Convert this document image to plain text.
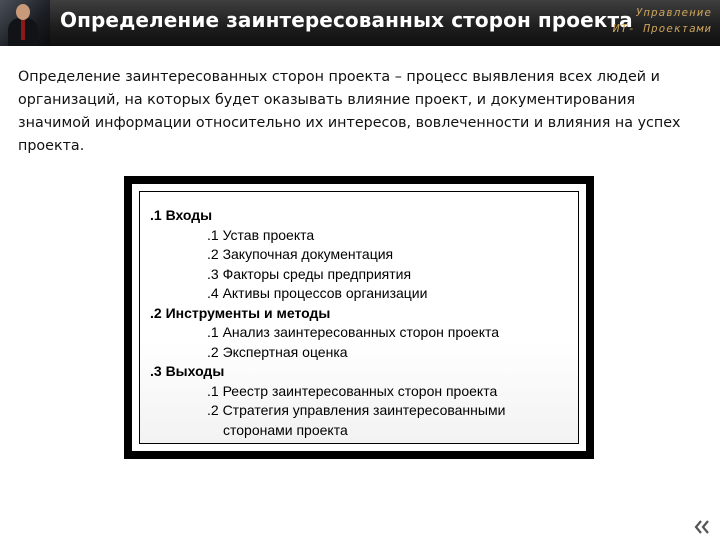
Определение заинтересованных сторон проекта Управление
ИТ- Проектами
Определение заинтересованных сторон проекта – процесс выявления всех людей и организаций, на которых будет оказывать влияние проект, и документирования значимой информации относительно их интересов, вовлеченности и влияния на успех проекта.
.1 Входы
.1 Устав проекта
.2 Закупочная документация
.3 Факторы среды предприятия
.4 Активы процессов организации
.2 Инструменты и методы
.1 Анализ заинтересованных сторон проекта
.2 Экспертная оценка
.3 Выходы
.1 Реестр заинтересованных сторон проекта
.2 Стратегия управления заинтересованными
сторонами проекта
